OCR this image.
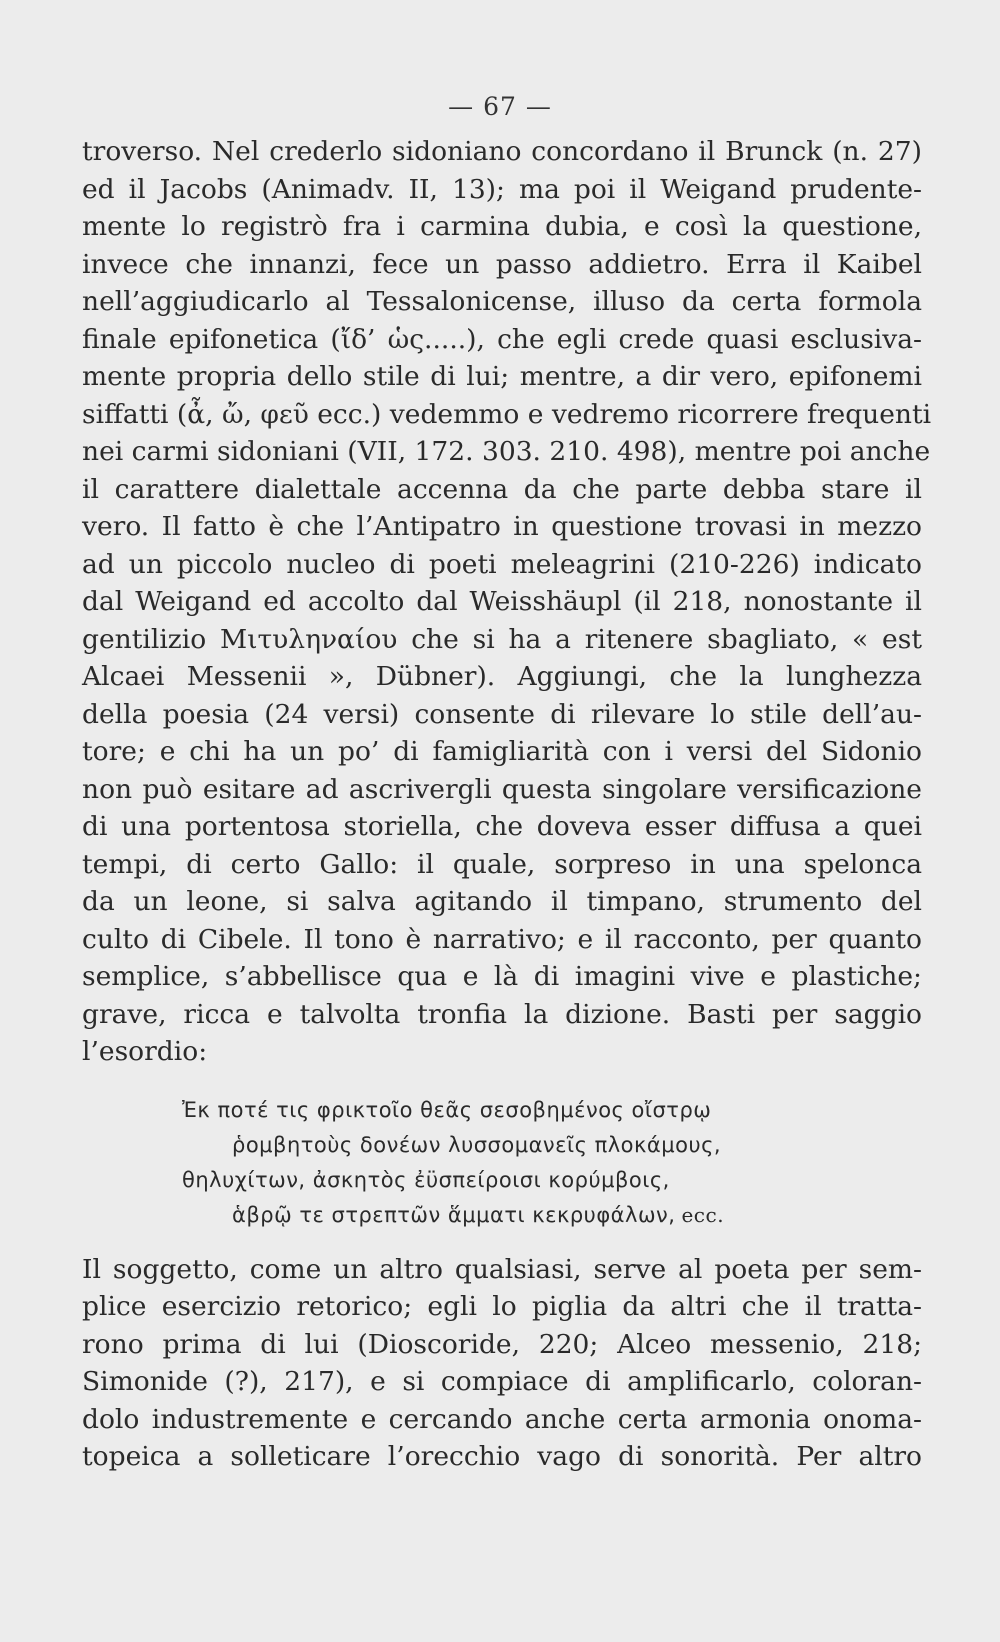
— 67 —
troverso. Nel crederlo sidoniano concordano il Brunck (n. 27)
ed il Jacobs (Animadv. II, 13); ma poi il Weigand prudente-
mente lo registrò fra i carmina dubia, e così la questione,
invece che innanzi, fece un passo addietro. Erra il Kaibel
nell’aggiudicarlo al Tessalonicense, illuso da certa formola
finale epifonetica (ἴδ’ ὡς.....), che egli crede quasi esclusiva-
mente propria dello stile di lui; mentre, a dir vero, epifonemi
siffatti (ἆ, ὤ, φεῦ ecc.) vedemmo e vedremo ricorrere frequenti
nei carmi sidoniani (VII, 172. 303. 210. 498), mentre poi anche
il carattere dialettale accenna da che parte debba stare il
vero. Il fatto è che l’Antipatro in questione trovasi in mezzo
ad un piccolo nucleo di poeti meleagrini (210-226) indicato
dal Weigand ed accolto dal Weisshäupl (il 218, nonostante il
gentilizio Μιτυληναίου che si ha a ritenere sbagliato, « est
Alcaei Messenii », Dübner). Aggiungi, che la lunghezza
della poesia (24 versi) consente di rilevare lo stile dell’au-
tore; e chi ha un po’ di famigliarità con i versi del Sidonio
non può esitare ad ascrivergli questa singolare versificazione
di una portentosa storiella, che doveva esser diffusa a quei
tempi, di certo Gallo: il quale, sorpreso in una spelonca
da un leone, si salva agitando il timpano, strumento del
culto di Cibele. Il tono è narrativo; e il racconto, per quanto
semplice, s’abbellisce qua e là di imagini vive e plastiche;
grave, ricca e talvolta tronfia la dizione. Basti per saggio
l’esordio:
Ἐκ ποτέ τις φρικτοῖο θεᾶς σεσοβημένος οἴστρῳ
ῥομβητοὺς δονέων λυσσομανεῖς πλοκάμους,
θηλυχίτων, ἀσκητὸς ἐϋσπείροισι κορύμβοις,
ἁβρῷ τε στρεπτῶν ἅμματι κεκρυφάλων, ecc.
Il soggetto, come un altro qualsiasi, serve al poeta per sem-
plice esercizio retorico; egli lo piglia da altri che il tratta-
rono prima di lui (Dioscoride, 220; Alceo messenio, 218;
Simonide (?), 217), e si compiace di amplificarlo, coloran-
dolo industremente e cercando anche certa armonia onoma-
topeica a solleticare l’orecchio vago di sonorità. Per altro
